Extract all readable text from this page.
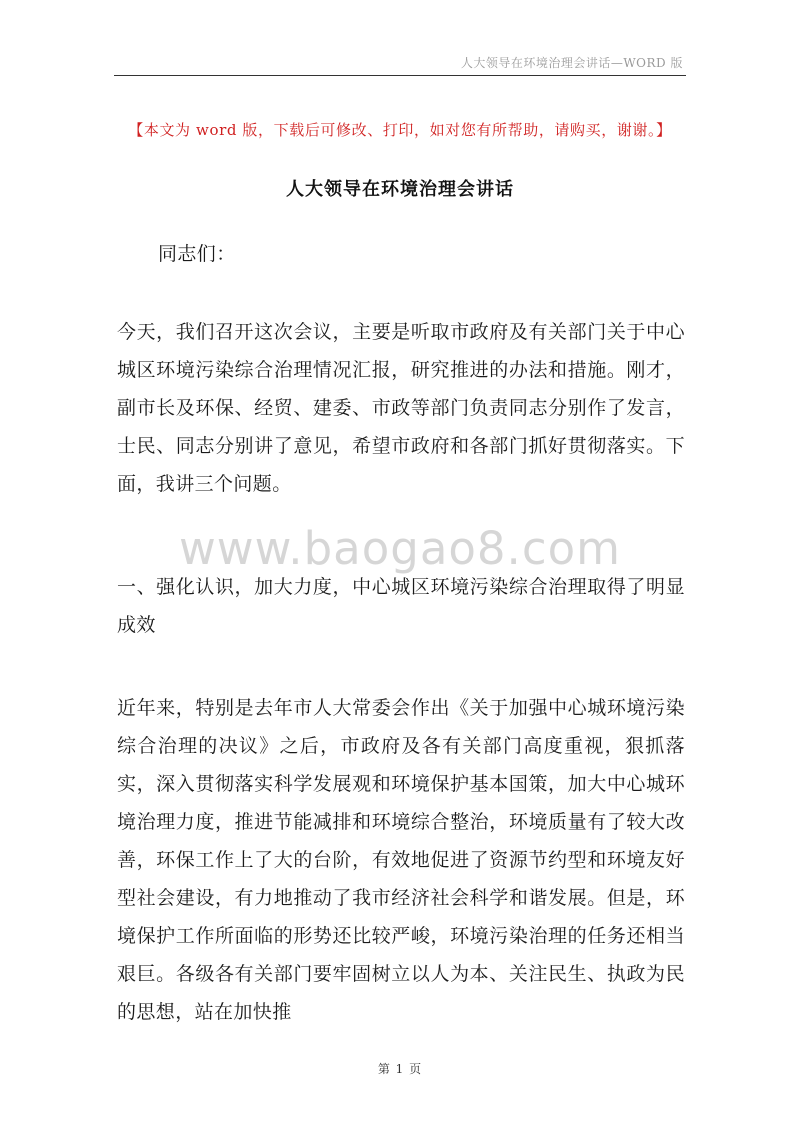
人大领导在环境治理会讲话—WORD 版
【本文为 word 版，下载后可修改、打印，如对您有所帮助，请购买，谢谢。】
人大领导在环境治理会讲话
同志们：
今天，我们召开这次会议，主要是听取市政府及有关部门关于中心城区环境污染综合治理情况汇报，研究推进的办法和措施。刚才，副市长及环保、经贸、建委、市政等部门负责同志分别作了发言，士民、同志分别讲了意见，希望市政府和各部门抓好贯彻落实。下面，我讲三个问题。
www.baogao8.com
一、强化认识，加大力度，中心城区环境污染综合治理取得了明显成效
近年来，特别是去年市人大常委会作出《关于加强中心城环境污染综合治理的决议》之后，市政府及各有关部门高度重视，狠抓落实，深入贯彻落实科学发展观和环境保护基本国策，加大中心城环境治理力度，推进节能减排和环境综合整治，环境质量有了较大改善，环保工作上了大的台阶，有效地促进了资源节约型和环境友好型社会建设，有力地推动了我市经济社会科学和谐发展。但是，环境保护工作所面临的形势还比较严峻，环境污染治理的任务还相当艰巨。各级各有关部门要牢固树立以人为本、关注民生、执政为民的思想，站在加快推
第 1 页
